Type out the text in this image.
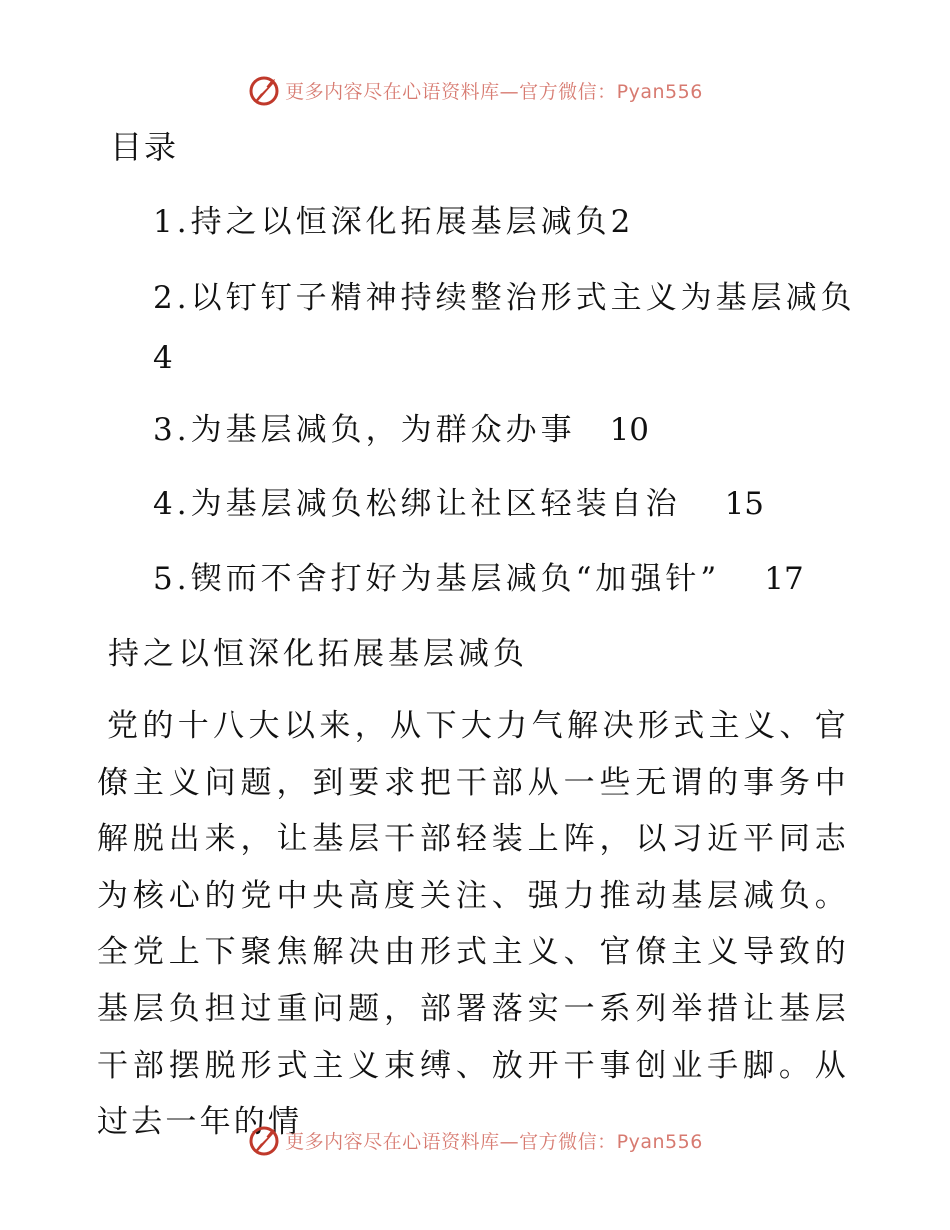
更多内容尽在心语资料库—官方微信：Pyan556
目录
1.持之以恒深化拓展基层减负2
2.以钉钉子精神持续整治形式主义为基层减负
4
3.为基层减负，为群众办事 10
4.为基层减负松绑让社区轻装自治 15
5.锲而不舍打好为基层减负“加强针” 17
持之以恒深化拓展基层减负
党的十八大以来，从下大力气解决形式主义、官僚主义问题，到要求把干部从一些无谓的事务中解脱出来，让基层干部轻装上阵，以习近平同志为核心的党中央高度关注、强力推动基层减负。全党上下聚焦解决由形式主义、官僚主义导致的基层负担过重问题，部署落实一系列举措让基层干部摆脱形式主义束缚、放开干事创业手脚。从过去一年的情
更多内容尽在心语资料库—官方微信：Pyan556
